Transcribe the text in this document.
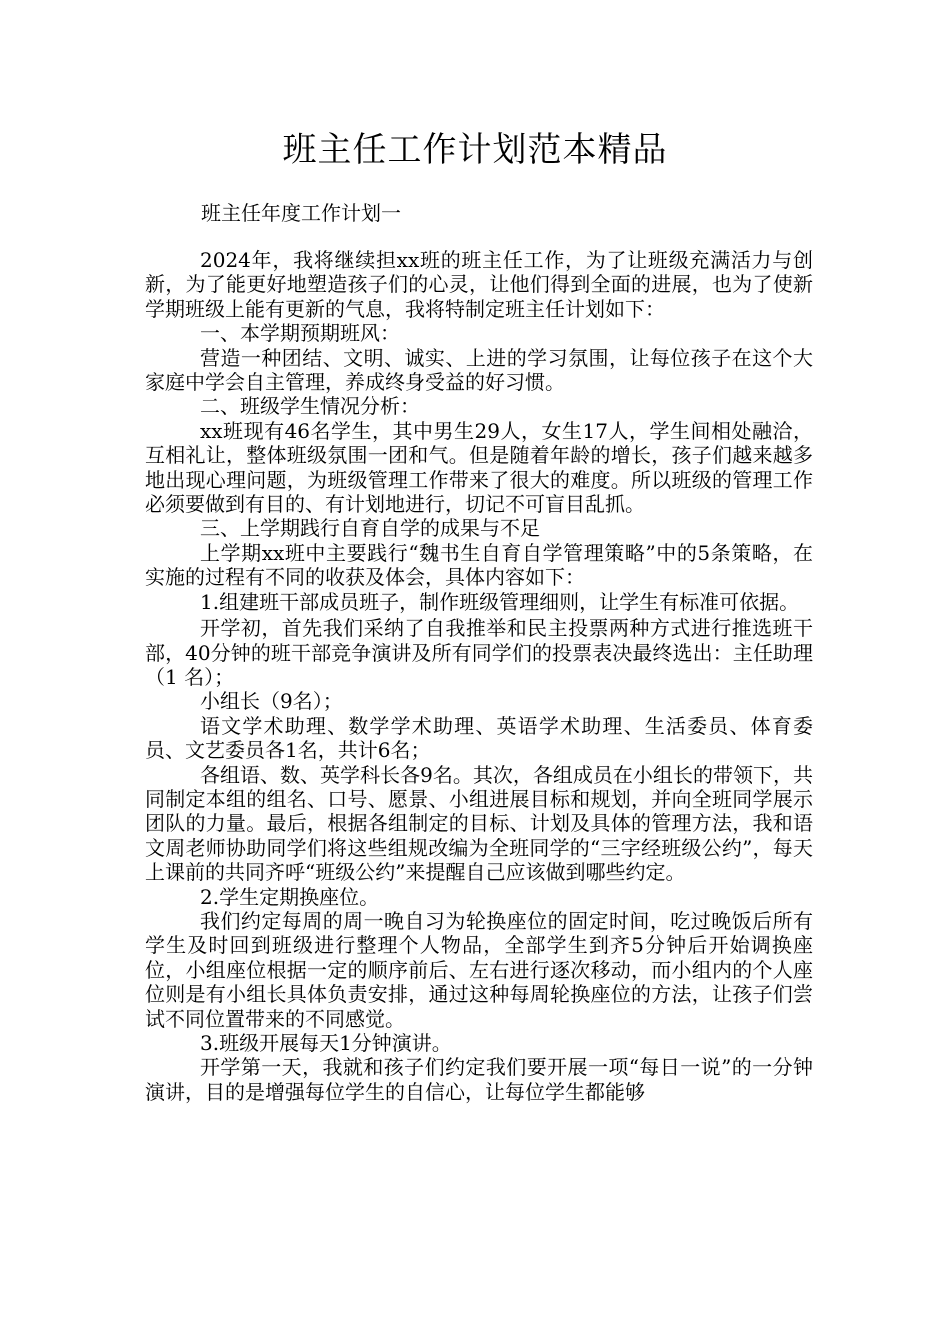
班主任工作计划范本精品
班主任年度工作计划一

2024年，我将继续担xx班的班主任工作，为了让班级充满活力与创新，为了能更好地塑造孩子们的心灵，让他们得到全面的进展，也为了使新学期班级上能有更新的气息，我将特制定班主任计划如下：

一、本学期预期班风：

营造一种团结、文明、诚实、上进的学习氛围，让每位孩子在这个大家庭中学会自主管理，养成终身受益的好习惯。

二、班级学生情况分析：

xx班现有46名学生，其中男生29人，女生17人，学生间相处融洽，互相礼让，整体班级氛围一团和气。但是随着年龄的增长，孩子们越来越多地出现心理问题，为班级管理工作带来了很大的难度。所以班级的管理工作必须要做到有目的、有计划地进行，切记不可盲目乱抓。

三、上学期践行自育自学的成果与不足

上学期xx班中主要践行“魏书生自育自学管理策略”中的5条策略，在实施的过程有不同的收获及体会，具体内容如下：

1.组建班干部成员班子，制作班级管理细则，让学生有标准可依据。

开学初，首先我们采纳了自我推举和民主投票两种方式进行推选班干部，40分钟的班干部竞争演讲及所有同学们的投票表决最终选出：主任助理（1 名）；

小组长（9名）；

语文学术助理、数学学术助理、英语学术助理、生活委员、体育委员、文艺委员各1名，共计6名；

各组语、数、英学科长各9名。其次，各组成员在小组长的带领下，共同制定本组的组名、口号、愿景、小组进展目标和规划，并向全班同学展示团队的力量。最后，根据各组制定的目标、计划及具体的管理方法，我和语文周老师协助同学们将这些组规改编为全班同学的“三字经班级公约”，每天上课前的共同齐呼“班级公约”来提醒自己应该做到哪些约定。

2.学生定期换座位。

我们约定每周的周一晚自习为轮换座位的固定时间，吃过晚饭后所有学生及时回到班级进行整理个人物品，全部学生到齐5分钟后开始调换座位，小组座位根据一定的顺序前后、左右进行逐次移动，而小组内的个人座位则是有小组长具体负责安排，通过这种每周轮换座位的方法，让孩子们尝试不同位置带来的不同感觉。

3.班级开展每天1分钟演讲。

开学第一天，我就和孩子们约定我们要开展一项“每日一说”的一分钟演讲，目的是增强每位学生的自信心，让每位学生都能够
